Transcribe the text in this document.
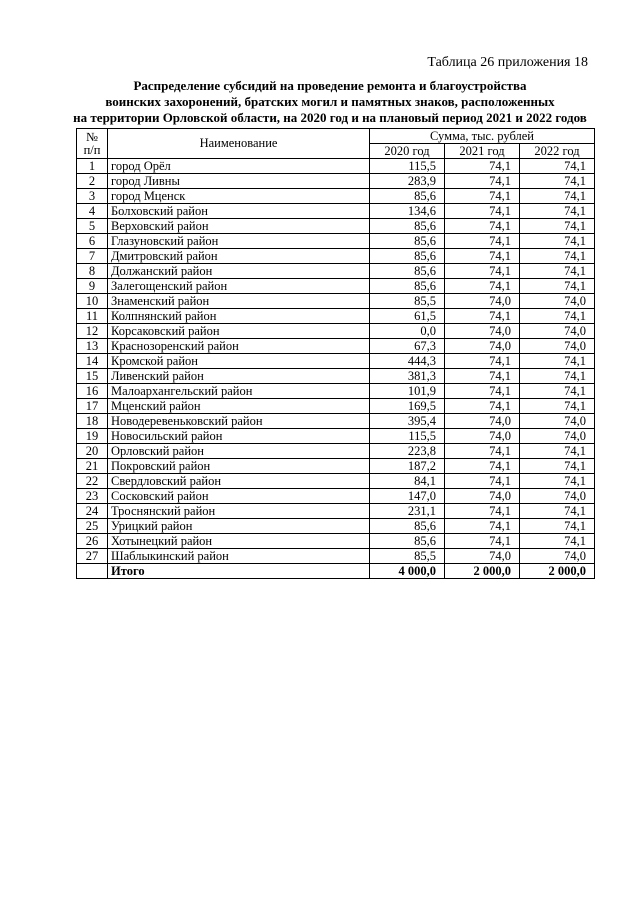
Таблица 26 приложения 18
Распределение субсидий на проведение ремонта и благоустройства
воинских захоронений, братских могил и памятных знаков, расположенных
на территории Орловской области, на 2020 год и на плановый период 2021 и 2022 годов
№ п/п	Наименование	Сумма, тыс. рублей		
		2020 год	2021 год	2022 год
1	город Орёл	115,5	74,1	74,1
2	город Ливны	283,9	74,1	74,1
3	город Мценск	85,6	74,1	74,1
4	Болховский район	134,6	74,1	74,1
5	Верховский район	85,6	74,1	74,1
6	Глазуновский район	85,6	74,1	74,1
7	Дмитровский район	85,6	74,1	74,1
8	Должанский район	85,6	74,1	74,1
9	Залегощенский район	85,6	74,1	74,1
10	Знаменский район	85,5	74,0	74,0
11	Колпнянский район	61,5	74,1	74,1
12	Корсаковский район	0,0	74,0	74,0
13	Краснозоренский район	67,3	74,0	74,0
14	Кромской район	444,3	74,1	74,1
15	Ливенский район	381,3	74,1	74,1
16	Малоархангельский район	101,9	74,1	74,1
17	Мценский район	169,5	74,1	74,1
18	Новодеревеньковский район	395,4	74,0	74,0
19	Новосильский район	115,5	74,0	74,0
20	Орловский район	223,8	74,1	74,1
21	Покровский район	187,2	74,1	74,1
22	Свердловский район	84,1	74,1	74,1
23	Сосковский район	147,0	74,0	74,0
24	Троснянский район	231,1	74,1	74,1
25	Урицкий район	85,6	74,1	74,1
26	Хотынецкий район	85,6	74,1	74,1
27	Шаблыкинский район	85,5	74,0	74,0
	Итого	4 000,0	2 000,0	2 000,0
